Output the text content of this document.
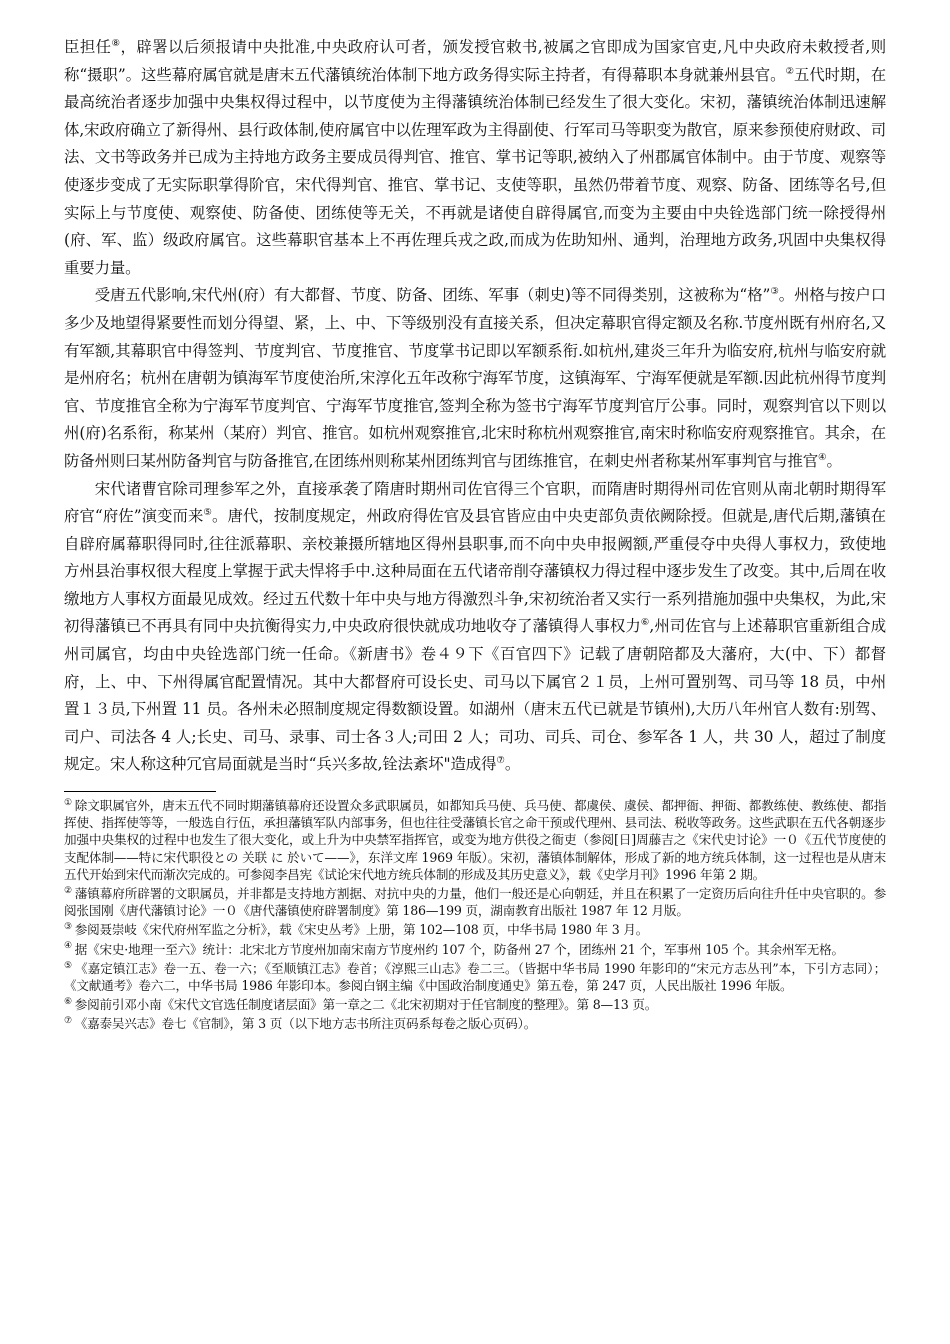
臣担任⑧，辟署以后须报请中央批准,中央政府认可者，颁发授官敕书,被属之官即成为国家官吏,凡中央政府未敕授者,则称“摄职”。这些幕府属官就是唐末五代藩镇统治体制下地方政务得实际主持者，有得幕职本身就兼州县官。②五代时期，在最高统治者逐步加强中央集权得过程中，以节度使为主得藩镇统治体制已经发生了很大变化。宋初，藩镇统治体制迅速解体,宋政府确立了新得州、县行政体制,使府属官中以佐理军政为主得副使、行军司马等职变为散官，原来参预使府财政、司法、文书等政务并已成为主持地方政务主要成员得判官、推官、掌书记等职,被纳入了州郡属官体制中。由于节度、观察等使逐步变成了无实际职掌得阶官，宋代得判官、推官、掌书记、支使等职，虽然仍带着节度、观察、防备、团练等名号,但实际上与节度使、观察使、防备使、团练使等无关，不再就是诸使自辟得属官,而变为主要由中央铨选部门统一除授得州(府、军、监）级政府属官。这些幕职官基本上不再佐理兵戎之政,而成为佐助知州、通判，治理地方政务,巩固中央集权得重要力量。

受唐五代影响,宋代州(府）有大都督、节度、防备、团练、军事（刺史)等不同得类别，这被称为“格”③。州格与按户口多少及地望得紧要性而划分得望、紧，上、中、下等级别没有直接关系，但决定幕职官得定额及名称.节度州既有州府名,又有军额,其幕职官中得签判、节度判官、节度推官、节度掌书记即以军额系衔.如杭州,建炎三年升为临安府,杭州与临安府就是州府名；杭州在唐朝为镇海军节度使治所,宋淳化五年改称宁海军节度，这镇海军、宁海军便就是军额.因此杭州得节度判官、节度推官全称为宁海军节度判官、宁海军节度推官,签判全称为签书宁海军节度判官厅公事。同时，观察判官以下则以州(府)名系衔，称某州（某府）判官、推官。如杭州观察推官,北宋时称杭州观察推官,南宋时称临安府观察推官。其余，在防备州则曰某州防备判官与防备推官,在团练州则称某州团练判官与团练推官，在刺史州者称某州军事判官与推官④。

宋代诸曹官除司理参军之外，直接承袭了隋唐时期州司佐官得三个官职，而隋唐时期得州司佐官则从南北朝时期得军府官“府佐”演变而来⑤。唐代，按制度规定，州政府得佐官及县官皆应由中央吏部负责依阙除授。但就是,唐代后期,藩镇在自辟府属幕职得同时,往往派幕职、亲校兼摄所辖地区得州县职事,而不向中央申报阙额,严重侵夺中央得人事权力，致使地方州县治事权很大程度上掌握于武夫悍将手中.这种局面在五代诸帝削夺藩镇权力得过程中逐步发生了改变。其中,后周在收缴地方人事权方面最见成效。经过五代数十年中央与地方得激烈斗争,宋初统治者又实行一系列措施加强中央集权，为此,宋初得藩镇已不再具有同中央抗衡得实力,中央政府很快就成功地收夺了藩镇得人事权力⑥,州司佐官与上述幕职官重新组合成州司属官，均由中央铨选部门统一任命。《新唐书》卷４９下《百官四下》记载了唐朝陪都及大藩府，大(中、下）都督府，上、中、下州得属官配置情况。其中大都督府可设长史、司马以下属官２１员，上州可置别驾、司马等 18 员，中州置１３员,下州置 11 员。各州未必照制度规定得数额设置。如湖州（唐末五代已就是节镇州),大历八年州官人数有:别驾、司户、司法各 4 人;长史、司马、录事、司士各３人;司田 2 人；司功、司兵、司仓、参军各 1 人，共 30 人，超过了制度规定。宋人称这种冗官局面就是当时“兵兴多故,铨法紊坏"造成得⑦。

① 除文职属官外，唐末五代不同时期藩镇幕府还设置众多武职属员，如都知兵马使、兵马使、都虞侯、虞侯、都押衙、押衙、都教练使、教练使、都指挥使、指挥使等等，一般选自行伍，承担藩镇军队内部事务，但也往往受藩镇长官之命干预或代理州、县司法、税收等政务。这些武职在五代各朝逐步加强中央集权的过程中也发生了很大变化，或上升为中央禁军指挥官，或变为地方供役之衙吏（参阅[日]周藤吉之《宋代史讨论》一０《五代节度使的支配体制——特に宋代职役との 关联 に 於いて——》，东洋文库 1969 年版）。宋初，藩镇体制解体，形成了新的地方统兵体制，这一过程也是从唐末五代开始到宋代而渐次完成的。可参阅李昌宪《试论宋代地方统兵体制的形成及其历史意义》，载《史学月刊》1996 年第 2 期。

② 藩镇幕府所辟署的文职属员，并非都是支持地方割据、对抗中央的力量，他们一般还是心向朝廷，并且在积累了一定资历后向往升任中央官职的。参阅张国刚《唐代藩镇讨论》一０《唐代藩镇使府辟署制度》第 186—199 页，湖南教育出版社 1987 年 12 月版。

③ 参阅聂崇岐《宋代府州军监之分析》，载《宋史丛考》上册，第 102—108 页，中华书局 1980 年 3 月。

④ 据《宋史·地理一至六》统计：北宋北方节度州加南宋南方节度州约 107 个，防备州 27 个，团练州 21 个，军事州 105 个。其余州军无格。

⑤ 《嘉定镇江志》卷一五、卷一六；《至顺镇江志》卷首；《淳熙三山志》卷二三。（皆据中华书局 1990 年影印的“宋元方志丛刊”本，下引方志同）；《文献通考》卷六二，中华书局 1986 年影印本。参阅白钢主编《中国政治制度通史》第五卷，第 247 页，人民出版社 1996 年版。

⑥ 参阅前引邓小南《宋代文官选任制度诸层面》第一章之二《北宋初期对于任官制度的整理》。第 8—13 页。

⑦ 《嘉泰吴兴志》卷七《官制》，第 3 页（以下地方志书所注页码系每卷之版心页码）。
